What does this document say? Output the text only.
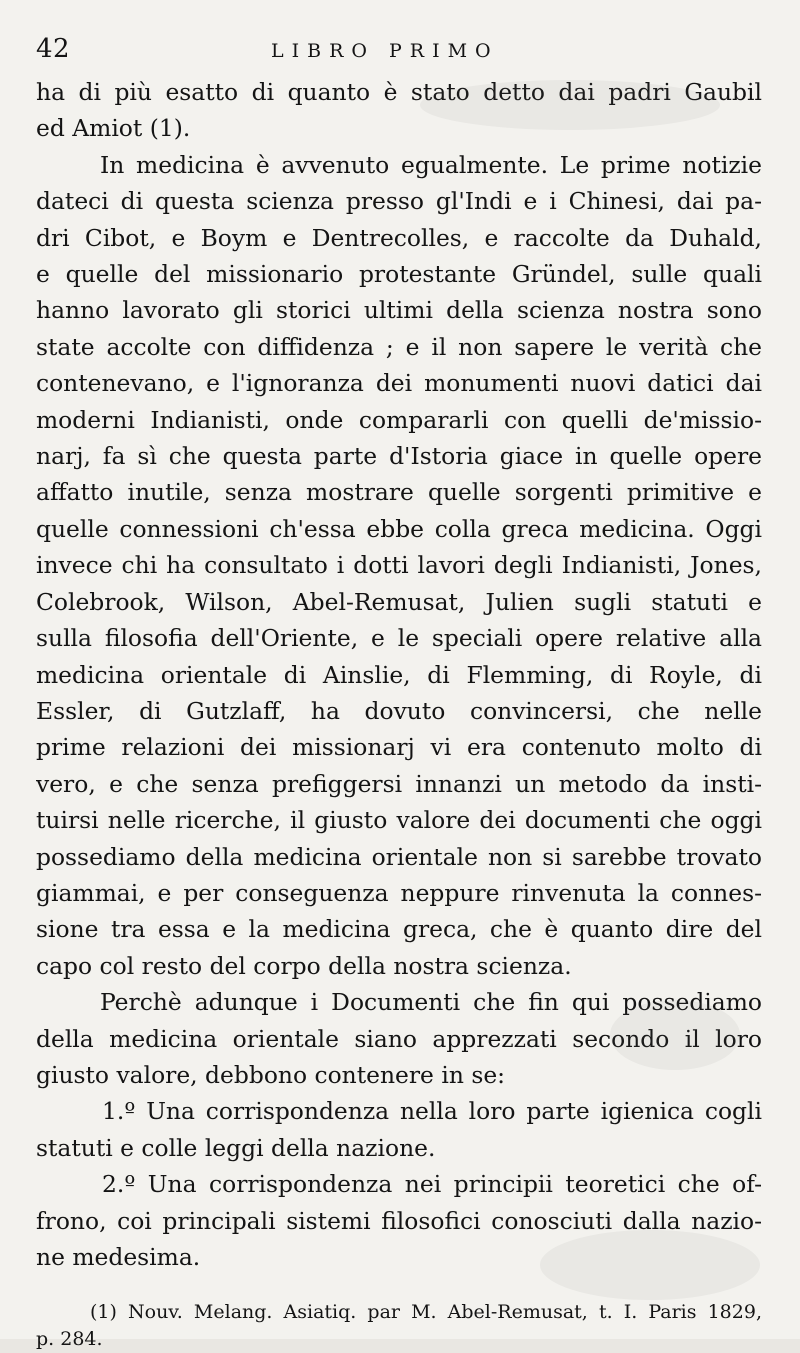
42	LIBRO PRIMO
ha di più esatto di quanto è stato detto dai padri Gaubil
ed Amiot (1).
In medicina è avvenuto egualmente. Le prime notizie
dateci di questa scienza presso gl'Indi e i Chinesi, dai pa-
dri Cibot, e Boym e Dentrecolles, e raccolte da Duhald,
e quelle del missionario protestante Gründel, sulle quali
hanno lavorato gli storici ultimi della scienza nostra sono
state accolte con diffidenza ; e il non sapere le verità che
contenevano, e l'ignoranza dei monumenti nuovi datici dai
moderni Indianisti, onde compararli con quelli de'missio-
narj, fa sì che questa parte d'Istoria giace in quelle opere
affatto inutile, senza mostrare quelle sorgenti primitive e
quelle connessioni ch'essa ebbe colla greca medicina. Oggi
invece chi ha consultato i dotti lavori degli Indianisti, Jones,
Colebrook, Wilson, Abel-Remusat, Julien sugli statuti e
sulla filosofia dell'Oriente, e le speciali opere relative alla
medicina orientale di Ainslie, di Flemming, di Royle, di
Essler, di Gutzlaff, ha dovuto convincersi, che nelle
prime relazioni dei missionarj vi era contenuto molto di
vero, e che senza prefiggersi innanzi un metodo da insti-
tuirsi nelle ricerche, il giusto valore dei documenti che oggi
possediamo della medicina orientale non si sarebbe trovato
giammai, e per conseguenza neppure rinvenuta la connes-
sione tra essa e la medicina greca, che è quanto dire del
capo col resto del corpo della nostra scienza.
Perchè adunque i Documenti che fin qui possediamo
della medicina orientale siano apprezzati secondo il loro
giusto valore, debbono contenere in se:
1.º Una corrispondenza nella loro parte igienica cogli
statuti e colle leggi della nazione.
2.º Una corrispondenza nei principii teoretici che of-
frono, coi principali sistemi filosofici conosciuti dalla nazio-
ne medesima.
(1) Nouv. Melang. Asiatiq. par M. Abel-Remusat, t. I. Paris 1829,
p. 284.
